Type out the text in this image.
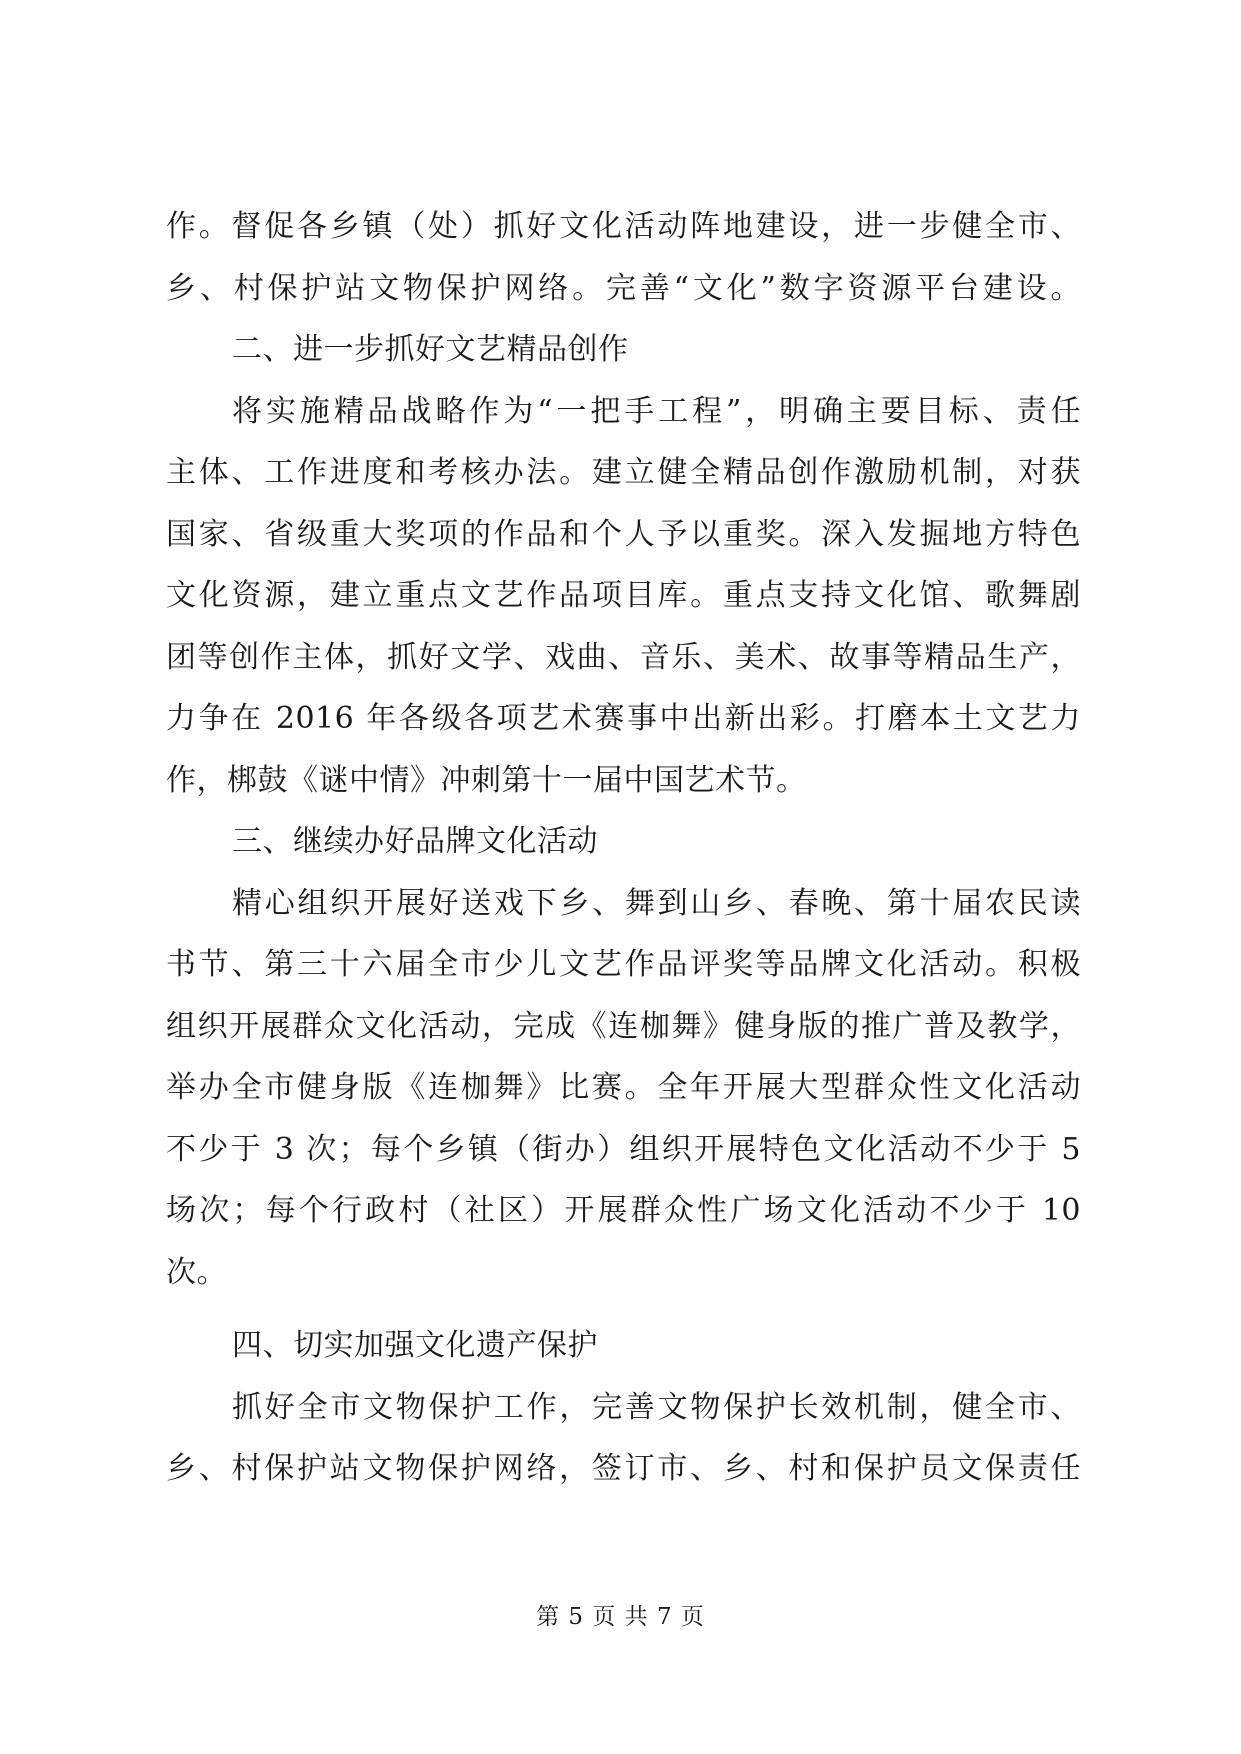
作。督促各乡镇（处）抓好文化活动阵地建设，进一步健全市、
乡、村保护站文物保护网络。完善“文化”数字资源平台建设。
二、进一步抓好文艺精品创作
将实施精品战略作为“一把手工程”，明确主要目标、责任
主体、工作进度和考核办法。建立健全精品创作激励机制，对获
国家、省级重大奖项的作品和个人予以重奖。深入发掘地方特色
文化资源，建立重点文艺作品项目库。重点支持文化馆、歌舞剧
团等创作主体，抓好文学、戏曲、音乐、美术、故事等精品生产，
力争在 2016 年各级各项艺术赛事中出新出彩。打磨本土文艺力
作，梆鼓《谜中情》冲刺第十一届中国艺术节。
三、继续办好品牌文化活动
精心组织开展好送戏下乡、舞到山乡、春晚、第十届农民读
书节、第三十六届全市少儿文艺作品评奖等品牌文化活动。积极
组织开展群众文化活动，完成《连枷舞》健身版的推广普及教学，
举办全市健身版《连枷舞》比赛。全年开展大型群众性文化活动
不少于 3 次；每个乡镇（街办）组织开展特色文化活动不少于 5
场次；每个行政村（社区）开展群众性广场文化活动不少于 10
次。
四、切实加强文化遗产保护
抓好全市文物保护工作，完善文物保护长效机制，健全市、
乡、村保护站文物保护网络，签订市、乡、村和保护员文保责任
第 5 页 共 7 页
